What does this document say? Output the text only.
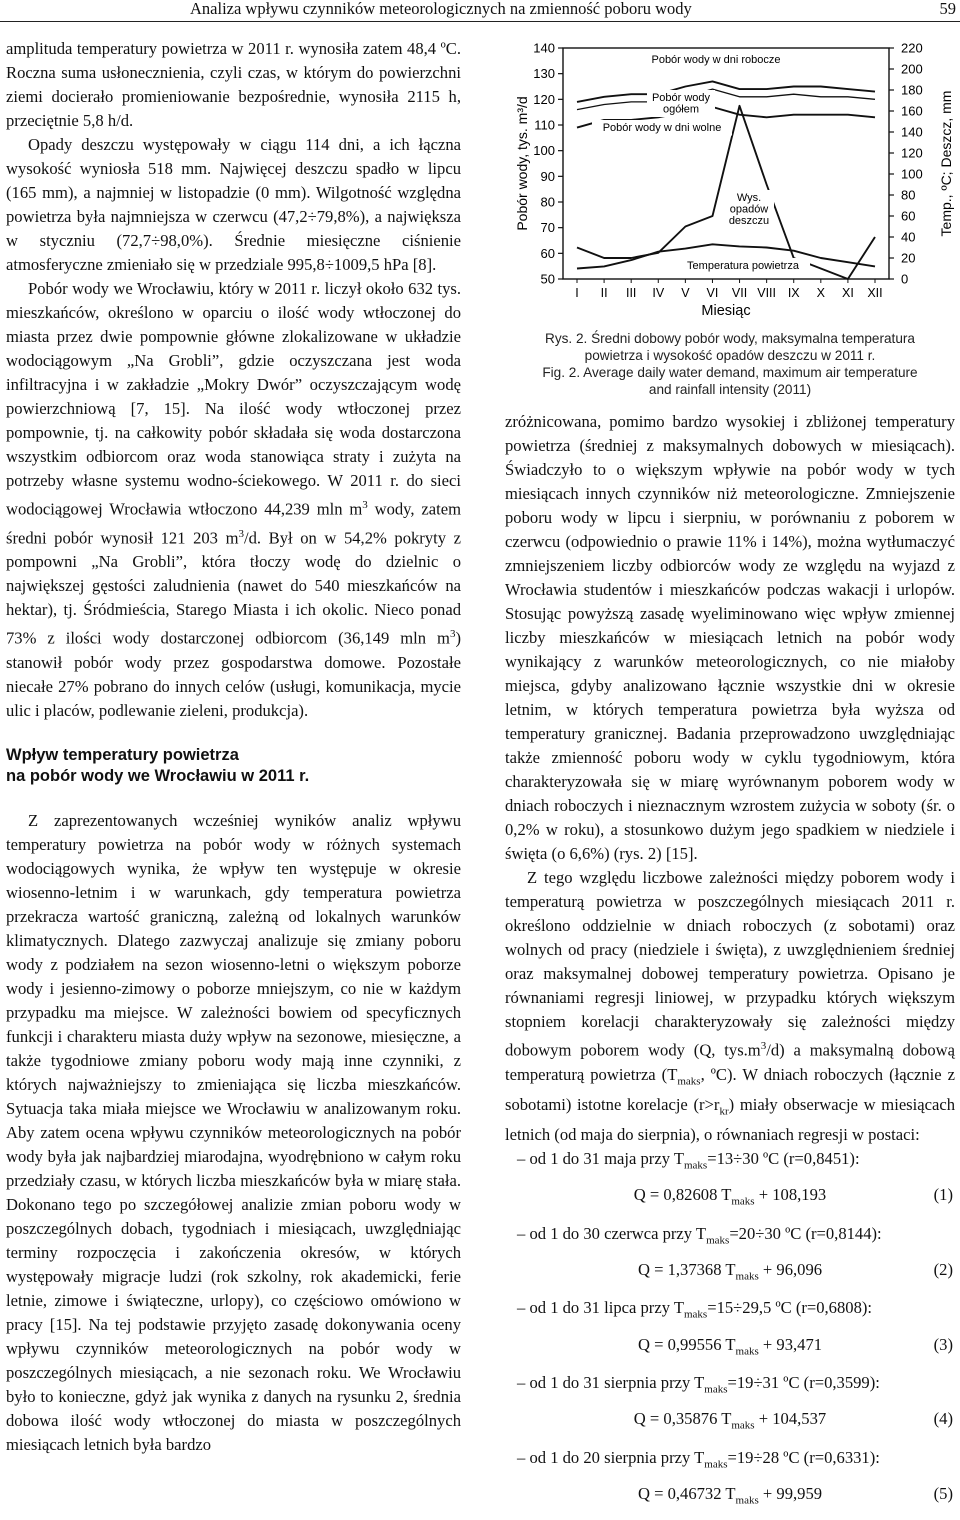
Analiza wpływu czynników meteorologicznych na zmienność poboru wody	59

amplituda temperatury powietrza w 2011 r. wynosiła zatem 48,4 ºC. Roczna suma usłonecznienia, czyli czas, w którym do powierzchni ziemi docierało promieniowanie bezpośrednie, wynosiła 2115 h, przeciętnie 5,8 h/d.

Opady deszczu występowały w ciągu 114 dni, a ich łączna wysokość wyniosła 518 mm. Najwięcej deszczu spadło w lipcu (165 mm), a najmniej w listopadzie (0 mm). Wilgotność względna powietrza była najmniejsza w czerwcu (47,2÷79,8%), a największa w styczniu (72,7÷98,0%). Średnie miesięczne ciśnienie atmosferyczne zmieniało się w przedziale 995,8÷1009,5 hPa [8].

Pobór wody we Wrocławiu, który w 2011 r. liczył około 632 tys. mieszkańców, określono w oparciu o ilość wody wtłoczonej do miasta przez dwie pompownie główne zlokalizowane w układzie wodociągowym „Na Grobli”, gdzie oczyszczana jest woda infiltracyjna i w zakładzie „Mokry Dwór” oczyszczającym wodę powierzchniową [7, 15]. Na ilość wody wtłoczonej przez pompownie, tj. na całkowity pobór składała się woda dostarczona wszystkim odbiorcom oraz woda stanowiąca straty i zużyta na potrzeby własne systemu wodno-ściekowego. W 2011 r. do sieci wodociągowej Wrocławia wtłoczono 44,239 mln $m^3$ wody, zatem średni pobór wynosił 121 203 $m^3/d$. Był on w 54,2% pokryty z pompowni „Na Grobli”, która tłoczy wodę do dzielnic o największej gęstości zaludnienia (nawet do 540 mieszkańców na hektar), tj. Śródmieścia, Starego Miasta i ich okolic. Nieco ponad 73% z ilości wody dostarczonej odbiorcom (36,149 mln $m^3$) stanowił pobór wody przez gospodarstwa domowe. Pozostałe niecałe 27% pobrano do innych celów (usługi, komunikacja, mycie ulic i placów, podlewanie zieleni, produkcja).

Wpływ temperatury powietrza
na pobór wody we Wrocławiu w 2011 r.

Z zaprezentowanych wcześniej wyników analiz wpływu temperatury powietrza na pobór wody w różnych systemach wodociągowych wynika, że wpływ ten występuje w okresie wiosenno-letnim i w warunkach, gdy temperatura powietrza przekracza wartość graniczną, zależną od lokalnych warunków klimatycznych. Dlatego zazwyczaj analizuje się zmiany poboru wody z podziałem na sezon wiosenno-letni o większym poborze wody i jesienno-zimowy o poborze mniejszym, co nie w każdym przypadku ma miejsce. W zależności bowiem od specyficznych funkcji i charakteru miasta duży wpływ na sezonowe, miesięczne, a także tygodniowe zmiany poboru wody mają inne czynniki, z których najważniejszy to zmieniająca się liczba mieszkańców. Sytuacja taka miała miejsce we Wrocławiu w analizowanym roku. Aby zatem ocena wpływu czynników meteorologicznych na pobór wody była jak najbardziej miarodajna, wyodrębniono w całym roku przedziały czasu, w których liczba mieszkańców była w miarę stała. Dokonano tego po szczegółowej analizie zmian poboru wody w poszczególnych dobach, tygodniach i miesiącach, uwzględniając terminy rozpoczęcia i zakończenia okresów, w których występowały migracje ludzi (rok szkolny, rok akademicki, ferie letnie, zimowe i świąteczne, urlopy), co częściowo omówiono w pracy [15]. Na tej podstawie przyjęto zasadę dokonywania oceny wpływu czynników meteorologicznych na pobór wody w poszczególnych miesiącach, a nie sezonach roku. We Wrocławiu było to konieczne, gdyż jak wynika z danych na rysunku 2, średnia dobowa ilość wody wtłoczonej do miasta w poszczególnych miesiącach letnich była bardzo

140
130
120
110
100
90
80
70
60
50
220
200
180
160
140
120
100
80
60
40
20
0
I II III IV V VI VII VIII IX X XI XII
Miesiąc
Pobór wody, tys. m³/d	Temp., ºC; Deszcz, mm
Pobór wody w dni robocze
Pobór wody
ogółem
Pobór wody w dni wolne
Wys.
opadów
deszczu
Temperatura powietrza

Rys. 2. Średni dobowy pobór wody, maksymalna temperatura

powietrza i wysokość opadów deszczu w 2011 r.

Fig. 2. Average daily water demand, maximum air temperature

and rainfall intensity (2011)

zróżnicowana, pomimo bardzo wysokiej i zbliżonej temperatury powietrza (średniej z maksymalnych dobowych w miesiącach). Świadczyło to o większym wpływie na pobór wody w tych miesiącach innych czynników niż meteorologiczne. Zmniejszenie poboru wody w lipcu i sierpniu, w porównaniu z poborem w czerwcu (odpowiednio o prawie 11% i 14%), można wytłumaczyć zmniejszeniem liczby odbiorców wody ze względu na wyjazd z Wrocławia studentów i mieszkańców podczas wakacji i urlopów. Stosując powyższą zasadę wyeliminowano więc wpływ zmiennej liczby mieszkańców w miesiącach letnich na pobór wody wynikający z warunków meteorologicznych, co nie miałoby miejsca, gdyby analizowano łącznie wszystkie dni w okresie letnim, w których temperatura powietrza była wyższa od temperatury granicznej. Badania przeprowadzono uwzględniając także zmienność poboru wody w cyklu tygodniowym, która charakteryzowała się w miarę wyrównanym poborem wody w dniach roboczych i nieznacznym wzrostem zużycia w soboty (śr. o 0,2% w roku), a stosunkowo dużym jego spadkiem w niedziele i święta (o 6,6%) (rys. 2) [15].

Z tego względu liczbowe zależności między poborem wody i temperaturą powietrza w poszczególnych miesiącach 2011 r. określono oddzielnie w dniach roboczych (z sobotami) oraz wolnych od pracy (niedziele i święta), z uwzględnieniem średniej oraz maksymalnej dobowej temperatury powietrza. Opisano je równaniami regresji liniowej, w przypadku których większym stopniem korelacji charakteryzowały się zależności między dobowym poborem wody (Q, $tys.m^3/d$) a maksymalną dobową temperaturą powietrza ($T_{maks}$, ºC). W dniach roboczych (łącznie z sobotami) istotne korelacje $(r>r_{kr})$ miały obserwacje w miesiącach letnich (od maja do sierpnia), o równaniach regresji w postaci:

– od 1 do 31 maja przy $T_{maks}=13\div 30$ ºC (r=0,8451):

Q = 0,82608 $T_{maks} + 108,193$	(1)

– od 1 do 30 czerwca przy $T_{maks}=20\div 30$ ºC (r=0,8144):

Q = 1,37368 $T_{maks} + 96,096$	(2)

– od 1 do 31 lipca przy $T_{maks}=15\div 29,5$ ºC (r=0,6808):

Q = 0,99556 $T_{maks} + 93,471$	(3)

– od 1 do 31 sierpnia przy $T_{maks}=19\div 31$ ºC (r=0,3599):

Q = 0,35876 $T_{maks} + 104,537$	(4)

– od 1 do 20 sierpnia przy $T_{maks}=19\div 28$ ºC (r=0,6331):

Q = 0,46732 $T_{maks} + 99,959$	(5)
